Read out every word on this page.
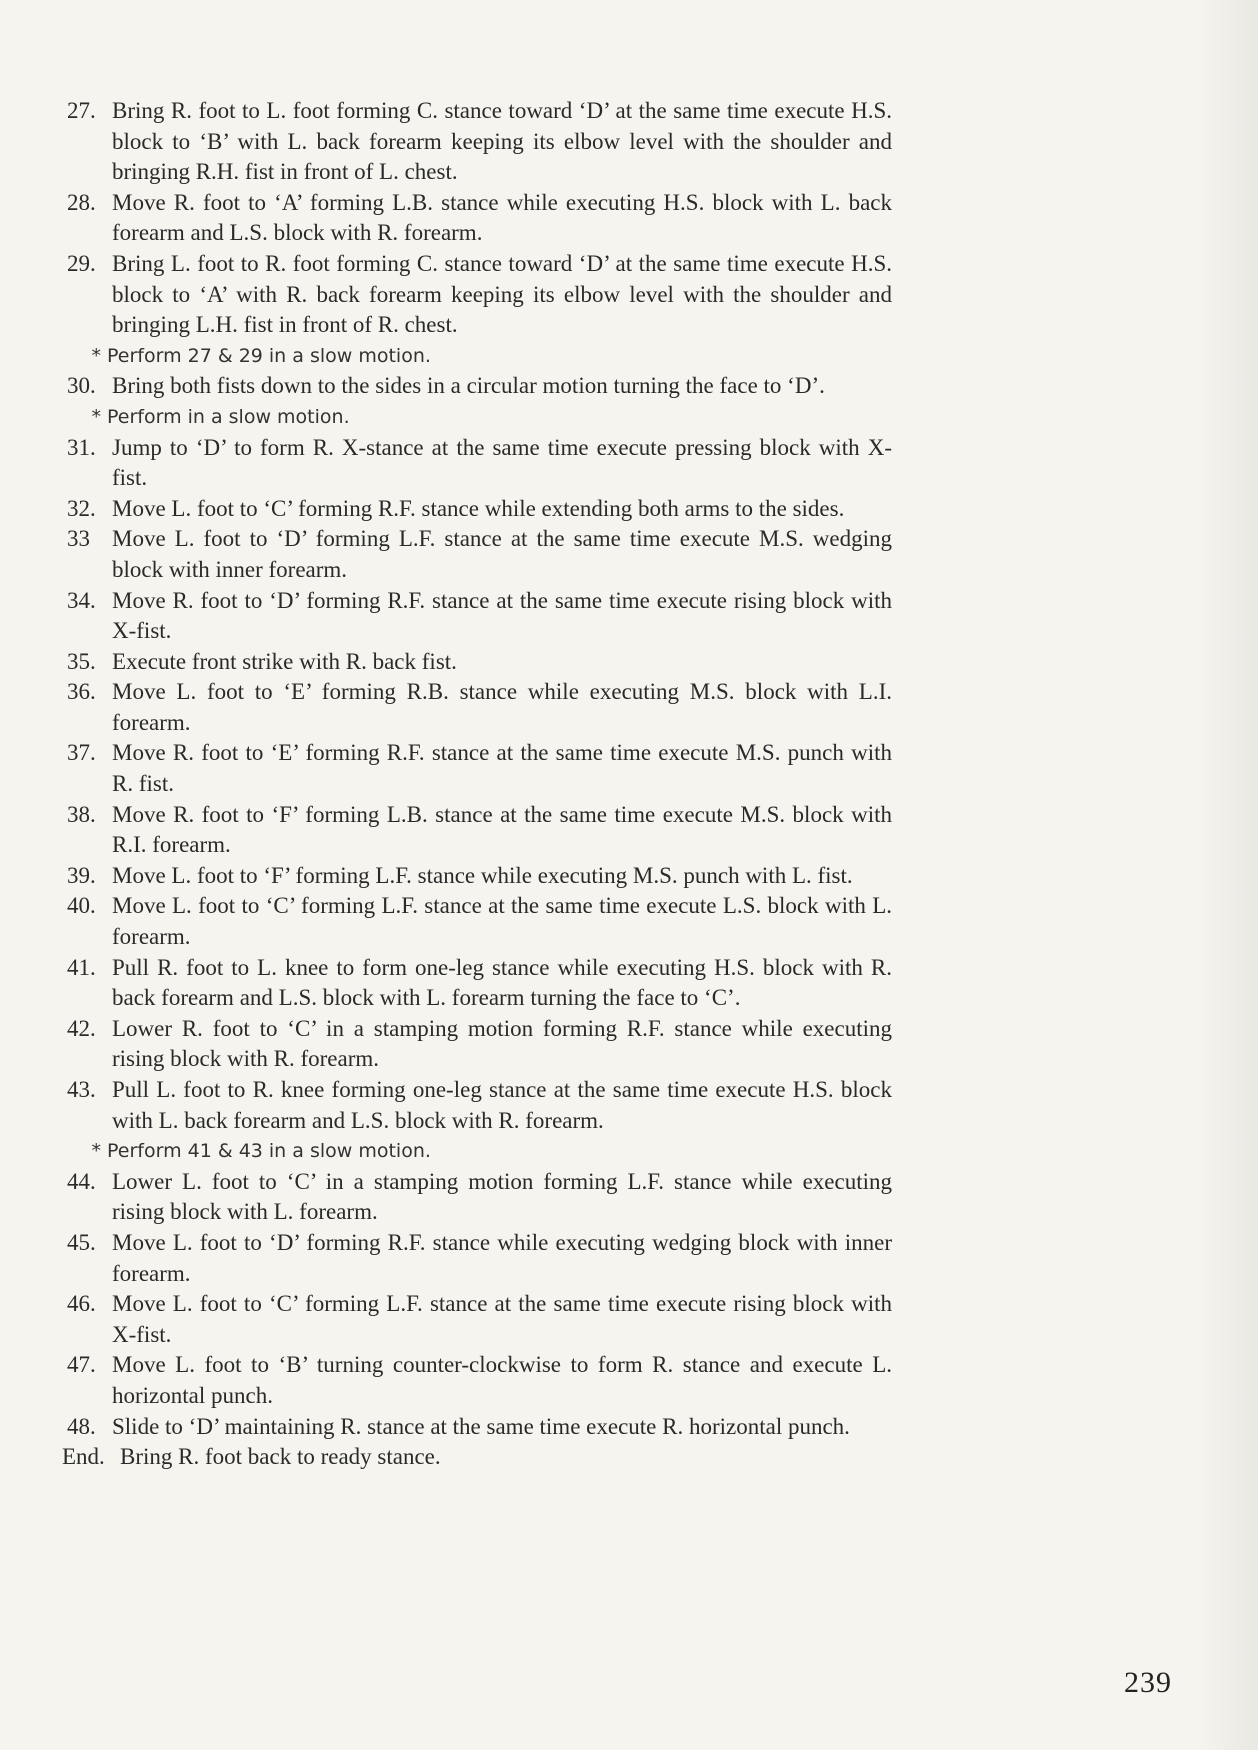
27. Bring R. foot to L. foot forming C. stance toward ‘D’ at the same time execute H.S. block to ‘B’ with L. back forearm keeping its elbow level with the shoulder and bringing R.H. fist in front of L. chest.
28. Move R. foot to ‘A’ forming L.B. stance while executing H.S. block with L. back forearm and L.S. block with R. forearm.
29. Bring L. foot to R. foot forming C. stance toward ‘D’ at the same time execute H.S. block to ‘A’ with R. back forearm keeping its elbow level with the shoulder and bringing L.H. fist in front of R. chest.
* Perform 27 & 29 in a slow motion.
30. Bring both fists down to the sides in a circular motion turning the face to ‘D’.
* Perform in a slow motion.
31. Jump to ‘D’ to form R. X-stance at the same time execute pressing block with X-fist.
32. Move L. foot to ‘C’ forming R.F. stance while extending both arms to the sides.
33 Move L. foot to ‘D’ forming L.F. stance at the same time execute M.S. wedging block with inner forearm.
34. Move R. foot to ‘D’ forming R.F. stance at the same time execute rising block with X-fist.
35. Execute front strike with R. back fist.
36. Move L. foot to ‘E’ forming R.B. stance while executing M.S. block with L.I. forearm.
37. Move R. foot to ‘E’ forming R.F. stance at the same time execute M.S. punch with R. fist.
38. Move R. foot to ‘F’ forming L.B. stance at the same time execute M.S. block with R.I. forearm.
39. Move L. foot to ‘F’ forming L.F. stance while executing M.S. punch with L. fist.
40. Move L. foot to ‘C’ forming L.F. stance at the same time execute L.S. block with L. forearm.
41. Pull R. foot to L. knee to form one-leg stance while executing H.S. block with R. back forearm and L.S. block with L. forearm turning the face to ‘C’.
42. Lower R. foot to ‘C’ in a stamping motion forming R.F. stance while executing rising block with R. forearm.
43. Pull L. foot to R. knee forming one-leg stance at the same time execute H.S. block with L. back forearm and L.S. block with R. forearm.
* Perform 41 & 43 in a slow motion.
44. Lower L. foot to ‘C’ in a stamping motion forming L.F. stance while executing rising block with L. forearm.
45. Move L. foot to ‘D’ forming R.F. stance while executing wedging block with inner forearm.
46. Move L. foot to ‘C’ forming L.F. stance at the same time execute rising block with X-fist.
47. Move L. foot to ‘B’ turning counter-clockwise to form R. stance and execute L. horizontal punch.
48. Slide to ‘D’ maintaining R. stance at the same time execute R. horizontal punch.
End. Bring R. foot back to ready stance.
239
